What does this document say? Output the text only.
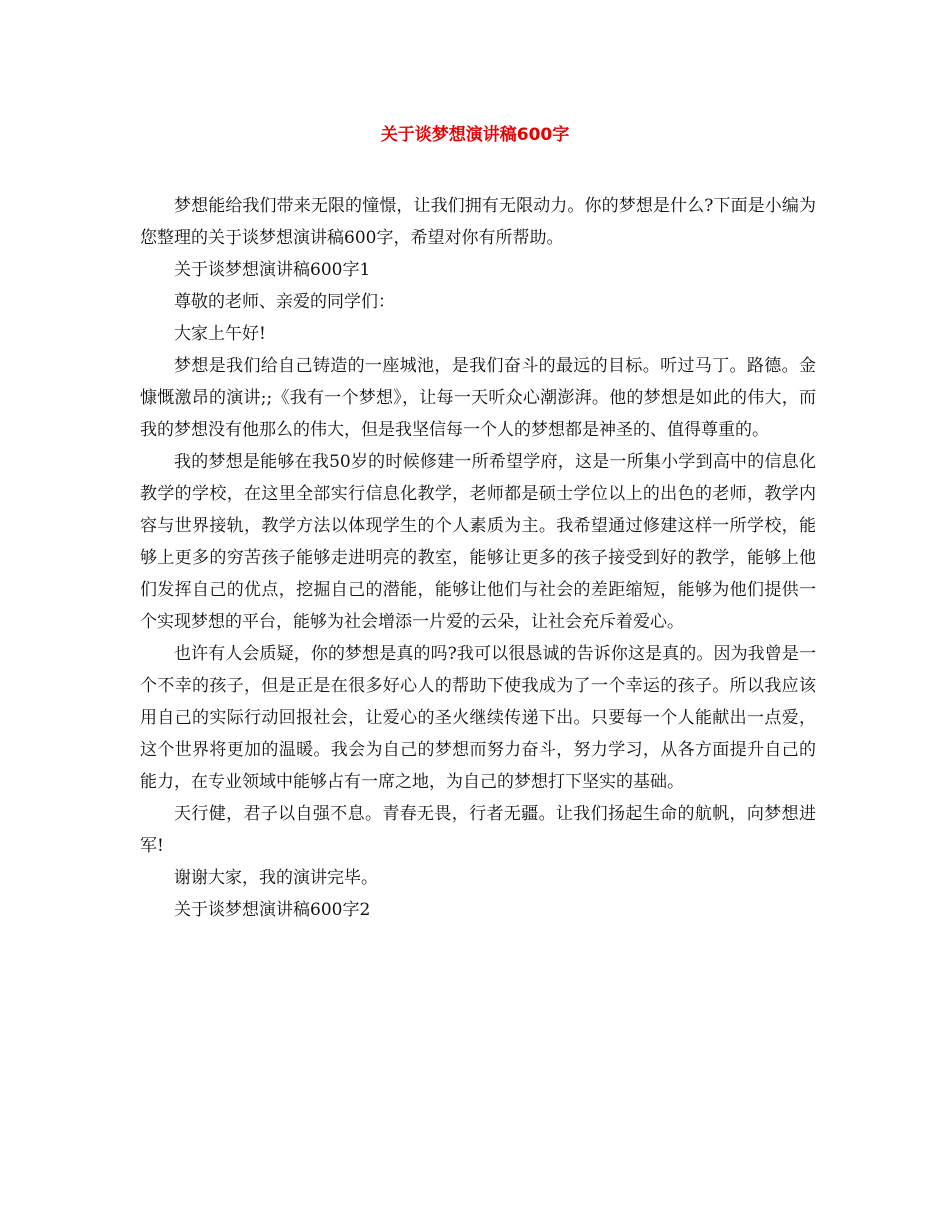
关于谈梦想演讲稿600字

梦想能给我们带来无限的憧憬，让我们拥有无限动力。你的梦想是什么?下面是小编为您整理的关于谈梦想演讲稿600字，希望对你有所帮助。

关于谈梦想演讲稿600字1

尊敬的老师、亲爱的同学们：

大家上午好!

梦想是我们给自己铸造的一座城池，是我们奋斗的最远的目标。听过马丁。路德。金慷慨激昂的演讲;;《我有一个梦想》，让每一天听众心潮澎湃。他的梦想是如此的伟大，而我的梦想没有他那么的伟大，但是我坚信每一个人的梦想都是神圣的、值得尊重的。

我的梦想是能够在我50岁的时候修建一所希望学府，这是一所集小学到高中的信息化教学的学校，在这里全部实行信息化教学，老师都是硕士学位以上的出色的老师，教学内容与世界接轨，教学方法以体现学生的个人素质为主。我希望通过修建这样一所学校，能够上更多的穷苦孩子能够走进明亮的教室，能够让更多的孩子接受到好的教学，能够上他们发挥自己的优点，挖掘自己的潜能，能够让他们与社会的差距缩短，能够为他们提供一个实现梦想的平台，能够为社会增添一片爱的云朵，让社会充斥着爱心。

也许有人会质疑，你的梦想是真的吗?我可以很恳诚的告诉你这是真的。因为我曾是一个不幸的孩子，但是正是在很多好心人的帮助下使我成为了一个幸运的孩子。所以我应该用自己的实际行动回报社会，让爱心的圣火继续传递下出。只要每一个人能献出一点爱，这个世界将更加的温暖。我会为自己的梦想而努力奋斗，努力学习，从各方面提升自己的能力，在专业领域中能够占有一席之地，为自己的梦想打下坚实的基础。

天行健，君子以自强不息。青春无畏，行者无疆。让我们扬起生命的航帆，向梦想进军!

谢谢大家，我的演讲完毕。

关于谈梦想演讲稿600字2
